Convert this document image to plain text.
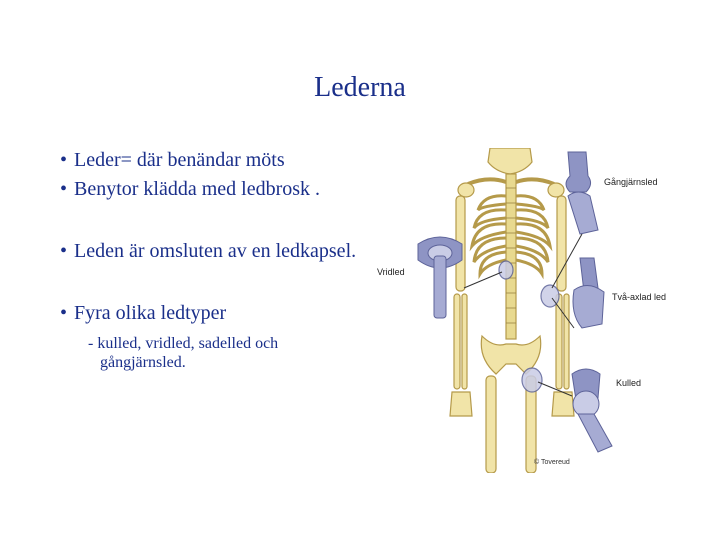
Lederna
• Leder= där benändar möts
• Benytor klädda med ledbrosk .
• Leden är omsluten av en ledkapsel.
• Fyra olika ledtyper
- kulled, vridled, sadelled och gångjärnsled.
Gångjärnsled
Vridled
Två-axlad led
Kulled
© Tovereud
